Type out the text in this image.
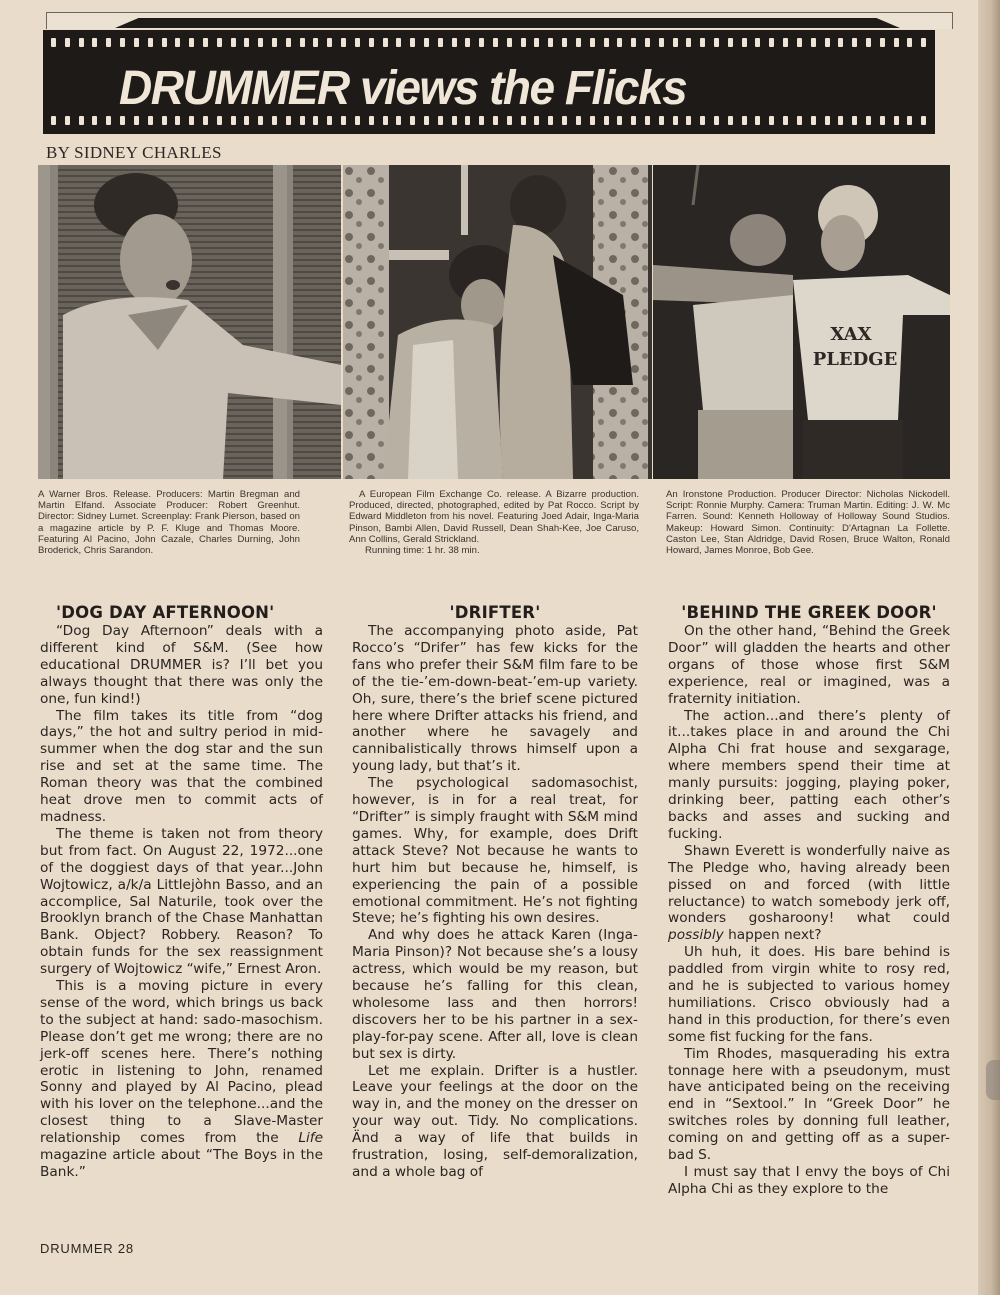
DRUMMER views the Flicks
BY SIDNEY CHARLES
XAX
PLEDGE
A Warner Bros. Release. Producers: Martin Bregman and Martin Elfand. Associate Producer: Robert Greenhut. Director: Sidney Lumet. Screenplay: Frank Pierson, based on a magazine article by P. F. Kluge and Thomas Moore. Featuring Al Pacino, John Cazale, Charles Durning, John Broderick, Chris Sarandon.
A European Film Exchange Co. release. A Bizarre production. Produced, directed, photographed, edited by Pat Rocco. Script by Edward Middleton from his novel. Featuring Joed Adair, Inga-Maria Pinson, Bambi Allen, David Russell, Dean Shah-Kee, Joe Caruso, Ann Collins, Gerald Strickland.
Running time: 1 hr. 38 min.
An Ironstone Production. Producer Director: Nicholas Nickodell. Script: Ronnie Murphy. Camera: Truman Martin. Editing: J. W. Mc Farren. Sound: Kenneth Holloway of Holloway Sound Studios. Makeup: Howard Simon. Continuity: D'Artagnan La Follette. Caston Lee, Stan Aldridge, David Rosen, Bruce Walton, Ronald Howard, James Monroe, Bob Gee.
'DOG DAY AFTERNOON'

“Dog Day Afternoon” deals with a different kind of S&M. (See how educational DRUMMER is? I’ll bet you always thought that there was only the one, fun kind!)

The film takes its title from “dog days,” the hot and sultry period in mid-summer when the dog star and the sun rise and set at the same time. The Roman theory was that the combined heat drove men to commit acts of madness.

The theme is taken not from theory but from fact. On August 22, 1972...one of the doggiest days of that year...John Wojtowicz, a/k/a Littlejòhn Basso, and an accomplice, Sal Naturile, took over the Brooklyn branch of the Chase Manhattan Bank. Object? Robbery. Reason? To obtain funds for the sex reassignment surgery of Wojtowicz “wife,” Ernest Aron.

This is a moving picture in every sense of the word, which brings us back to the subject at hand: sado-masochism. Please don’t get me wrong; there are no jerk-off scenes here. There’s nothing erotic in listening to John, renamed Sonny and played by Al Pacino, plead with his lover on the telephone...and the closest thing to a Slave-Master relationship comes from the Life magazine article about “The Boys in the Bank.”

'DRIFTER'

The accompanying photo aside, Pat Rocco’s “Drifer” has few kicks for the fans who prefer their S&M film fare to be of the tie-’em-down-beat-’em-up variety. Oh, sure, there’s the brief scene pictured here where Drifter attacks his friend, and another where he savagely and cannibalistically throws himself upon a young lady, but that’s it.

The psychological sadomasochist, however, is in for a real treat, for “Drifter” is simply fraught with S&M mind games. Why, for example, does Drift attack Steve? Not because he wants to hurt him but because he, himself, is experiencing the pain of a possible emotional commitment. He’s not fighting Steve; he’s fighting his own desires.

And why does he attack Karen (Inga-Maria Pinson)? Not because she’s a lousy actress, which would be my reason, but because he’s falling for this clean, wholesome lass and then horrors! discovers her to be his partner in a sex-play-for-pay scene. After all, love is clean but sex is dirty.

Let me explain. Drifter is a hustler. Leave your feelings at the door on the way in, and the money on the dresser on your way out. Tidy. No complications. Änd a way of life that builds in frustration, losing, self-demoralization, and a whole bag of

'BEHIND THE GREEK DOOR'

On the other hand, “Behind the Greek Door” will gladden the hearts and other organs of those whose first S&M experience, real or imagined, was a fraternity initiation.

The action...and there’s plenty of it...takes place in and around the Chi Alpha Chi frat house and sexgarage, where members spend their time at manly pursuits: jogging, playing poker, drinking beer, patting each other’s backs and asses and sucking and fucking.

Shawn Everett is wonderfully naive as The Pledge who, having already been pissed on and forced (with little reluctance) to watch somebody jerk off, wonders gosharoony! what could possibly happen next?

Uh huh, it does. His bare behind is paddled from virgin white to rosy red, and he is subjected to various homey humiliations. Crisco obviously had a hand in this production, for there’s even some fist fucking for the fans.

Tim Rhodes, masquerading his extra tonnage here with a pseudonym, must have anticipated being on the receiving end in “Sextool.” In “Greek Door” he switches roles by donning full leather, coming on and getting off as a super-bad S.

I must say that I envy the boys of Chi Alpha Chi as they explore to the

DRUMMER 28
